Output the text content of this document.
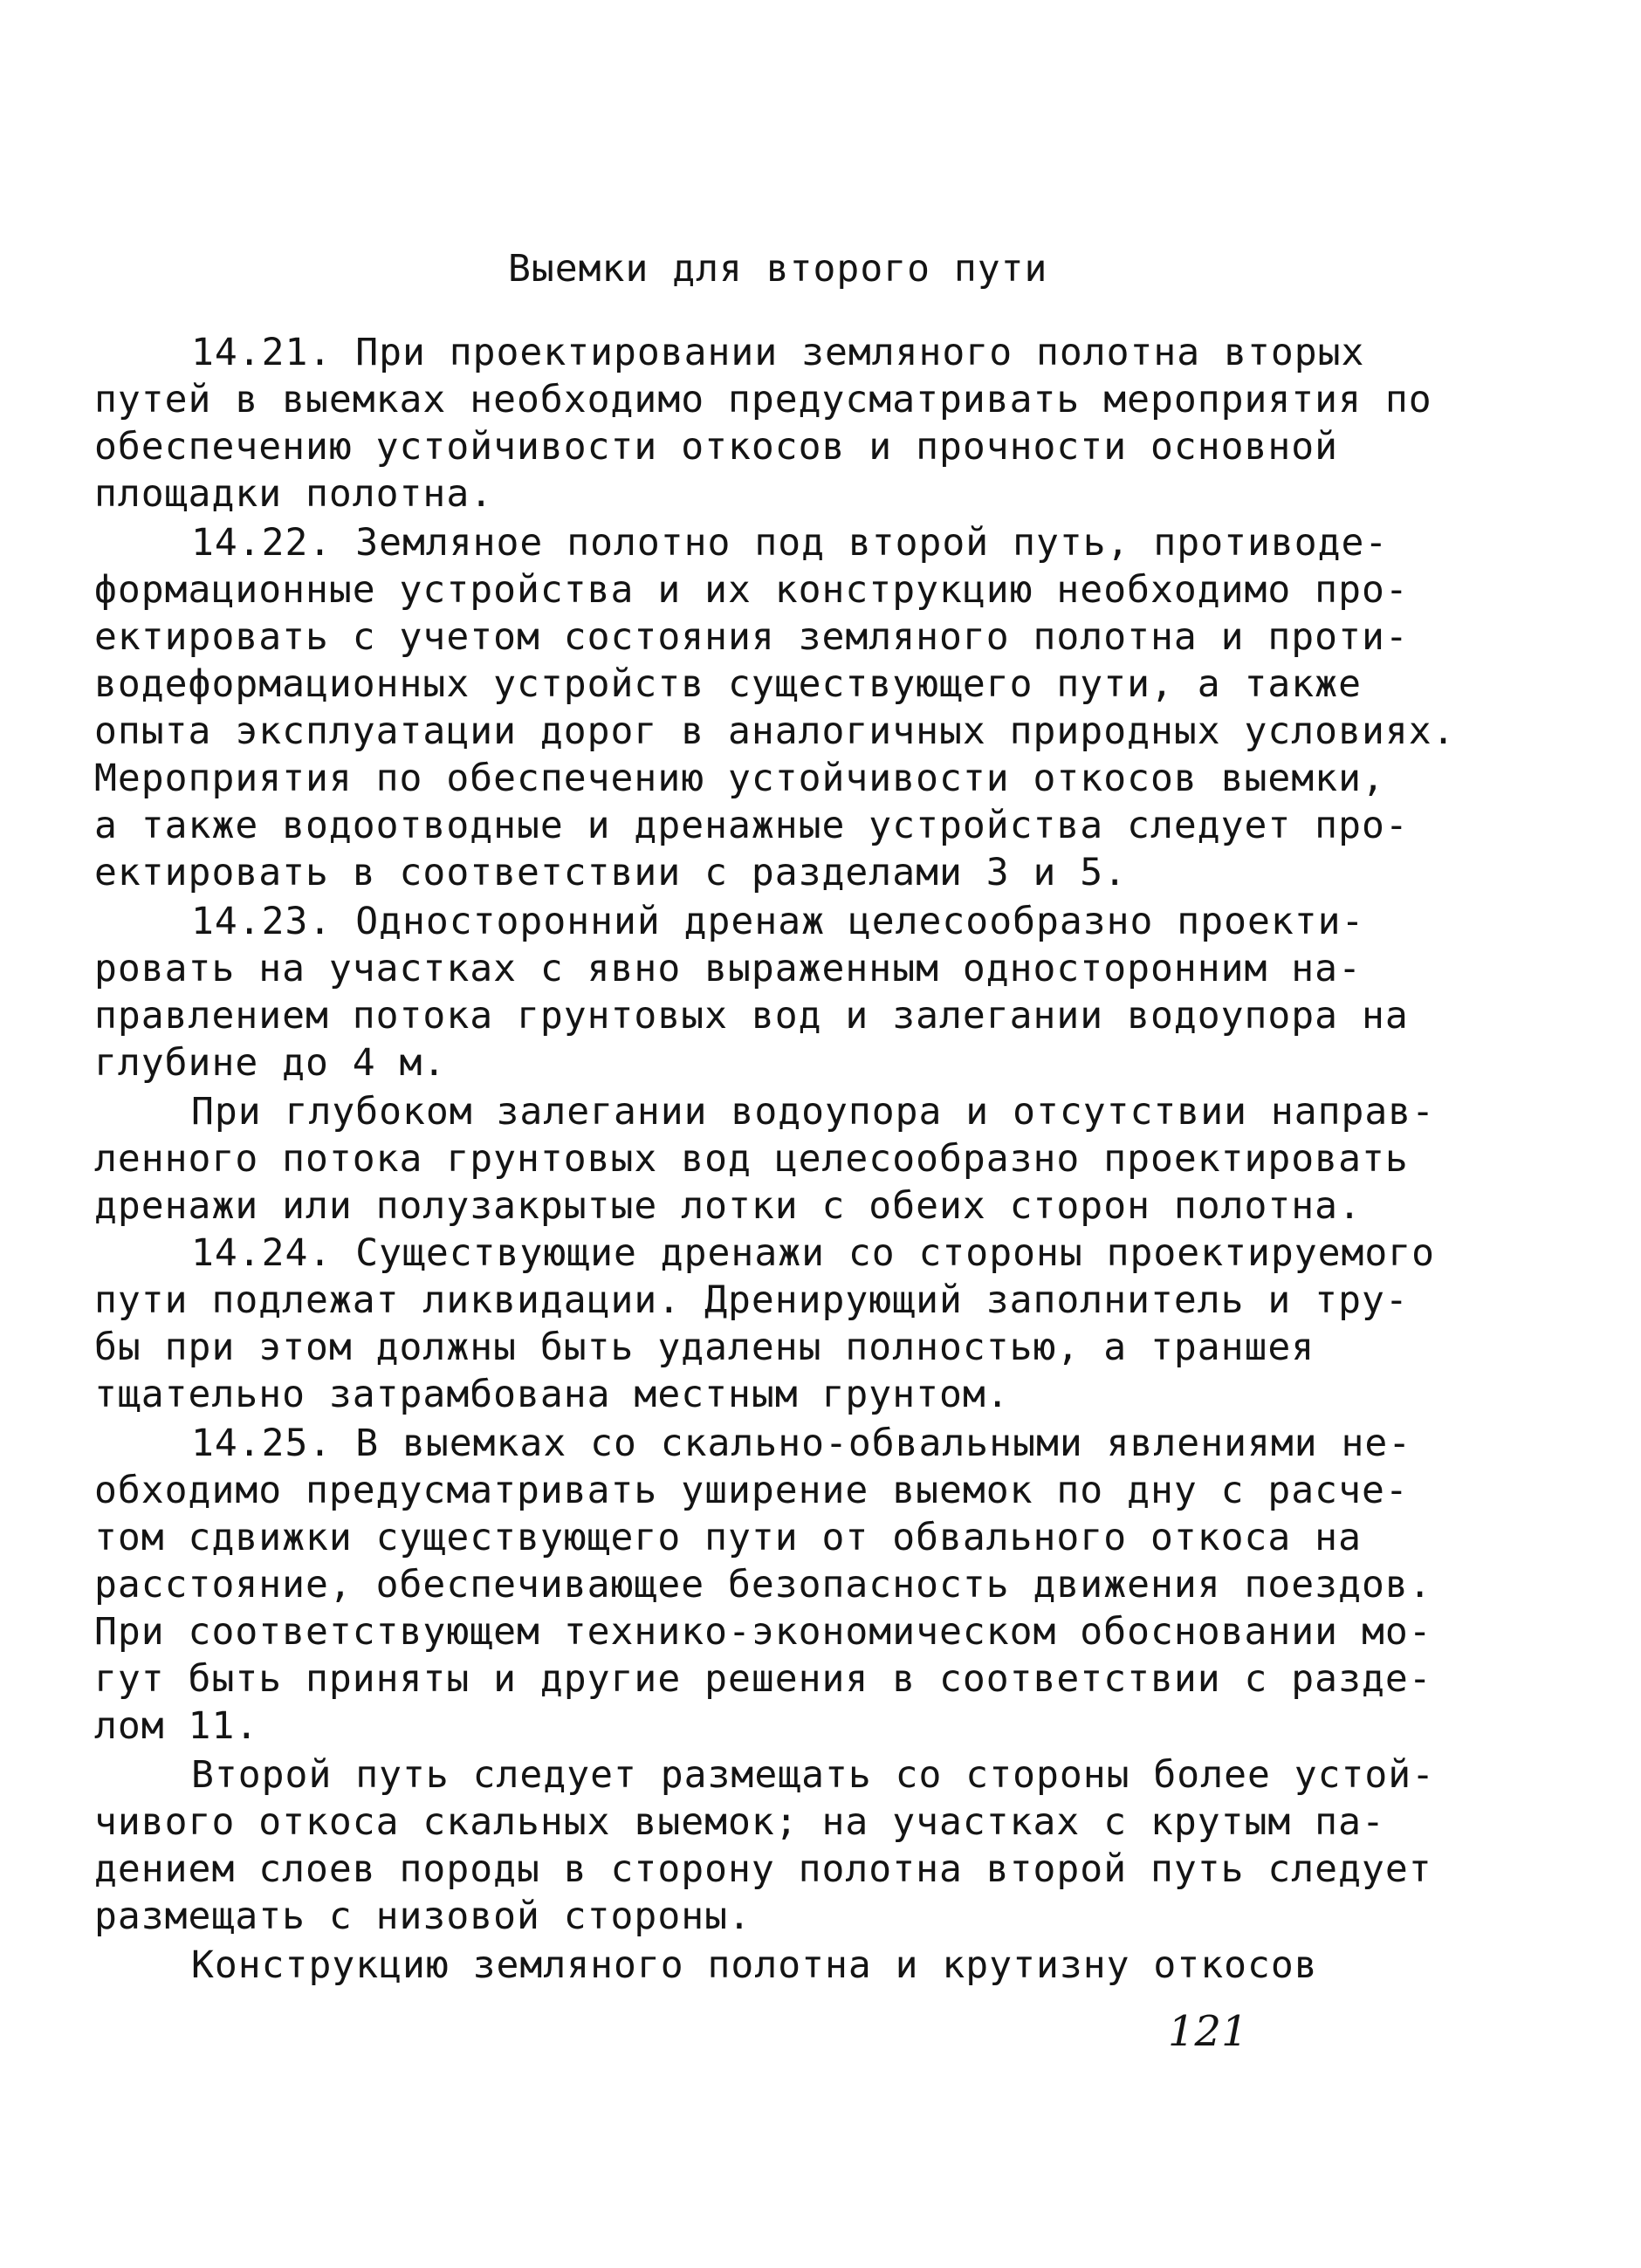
Выемки для второго пути
14.21. При проектировании земляного полотна вторых
путей в выемках необходимо предусматривать мероприятия по
обеспечению устойчивости откосов и прочности основной
площадки полотна.
14.22. Земляное полотно под второй путь, противоде-
формационные устройства и их конструкцию необходимо про-
ектировать с учетом состояния земляного полотна и проти-
водеформационных устройств существующего пути, а также
опыта эксплуатации дорог в аналогичных природных условиях.
Мероприятия по обеспечению устойчивости откосов выемки,
а также водоотводные и дренажные устройства следует про-
ектировать в соответствии с разделами 3 и 5.
14.23. Односторонний дренаж целесообразно проекти-
ровать на участках с явно выраженным односторонним на-
правлением потока грунтовых вод и залегании водоупора на
глубине до 4 м.
При глубоком залегании водоупора и отсутствии направ-
ленного потока грунтовых вод целесообразно проектировать
дренажи или полузакрытые лотки с обеих сторон полотна.
14.24. Существующие дренажи со стороны проектируемого
пути подлежат ликвидации. Дренирующий заполнитель и тру-
бы при этом должны быть удалены полностью, а траншея
тщательно затрамбована местным грунтом.
14.25. В выемках со скально-обвальными явлениями не-
обходимо предусматривать уширение выемок по дну с расче-
том сдвижки существующего пути от обвального откоса на
расстояние, обеспечивающее безопасность движения поездов.
При соответствующем технико-экономическом обосновании мо-
гут быть приняты и другие решения в соответствии с разде-
лом 11.
Второй путь следует размещать со стороны более устой-
чивого откоса скальных выемок; на участках с крутым па-
дением слоев породы в сторону полотна второй путь следует
размещать с низовой стороны.
Конструкцию земляного полотна и крутизну откосов
121
